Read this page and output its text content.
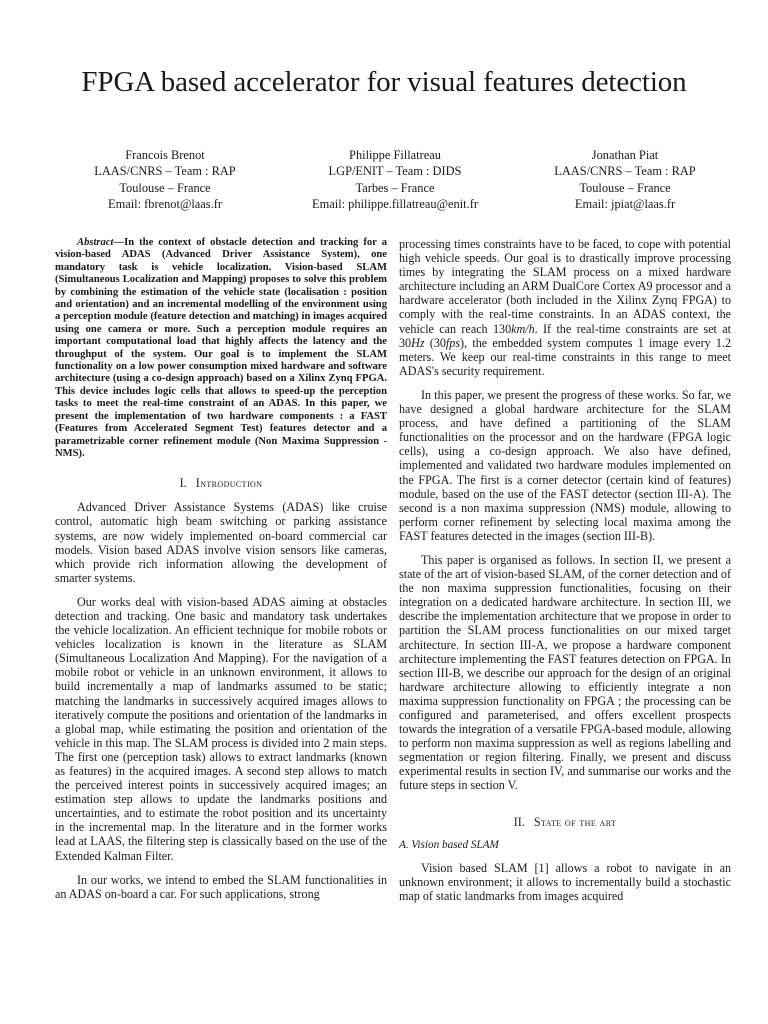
FPGA based accelerator for visual features detection
Francois Brenot
LAAS/CNRS – Team : RAP
Toulouse – France
Email: fbrenot@laas.fr
Philippe Fillatreau
LGP/ENIT – Team : DIDS
Tarbes – France
Email: philippe.fillatreau@enit.fr
Jonathan Piat
LAAS/CNRS – Team : RAP
Toulouse – France
Email: jpiat@laas.fr

Abstract—In the context of obstacle detection and tracking for a vision-based ADAS (Advanced Driver Assistance System), one mandatory task is vehicle localization. Vision-based SLAM (Simultaneous Localization and Mapping) proposes to solve this problem by combining the estimation of the vehicle state (localisation : position and orientation) and an incremental modelling of the environment using a perception module (feature detection and matching) in images acquired using one camera or more. Such a perception module requires an important computational load that highly affects the latency and the throughput of the system. Our goal is to implement the SLAM functionality on a low power consumption mixed hardware and software architecture (using a co-design approach) based on a Xilinx Zynq FPGA. This device includes logic cells that allows to speed-up the perception tasks to meet the real-time constraint of an ADAS. In this paper, we present the implementation of two hardware components : a FAST (Features from Accelerated Segment Test) features detector and a parametrizable corner refinement module (Non Maxima Suppression - NMS).

I. Introduction

Advanced Driver Assistance Systems (ADAS) like cruise control, automatic high beam switching or parking assistance systems, are now widely implemented on-board commercial car models. Vision based ADAS involve vision sensors like cameras, which provide rich information allowing the development of smarter systems.

Our works deal with vision-based ADAS aiming at obstacles detection and tracking. One basic and mandatory task undertakes the vehicle localization. An efficient technique for mobile robots or vehicles localization is known in the literature as SLAM (Simultaneous Localization And Mapping). For the navigation of a mobile robot or vehicle in an unknown environment, it allows to build incrementally a map of landmarks assumed to be static; matching the landmarks in successively acquired images allows to iteratively compute the positions and orientation of the landmarks in a global map, while estimating the position and orientation of the vehicle in this map. The SLAM process is divided into 2 main steps. The first one (perception task) allows to extract landmarks (known as features) in the acquired images. A second step allows to match the perceived interest points in successively acquired images; an estimation step allows to update the landmarks positions and uncertainties, and to estimate the robot position and its uncertainty in the incremental map. In the literature and in the former works lead at LAAS, the filtering step is classically based on the use of the Extended Kalman Filter.

In our works, we intend to embed the SLAM functionalities in an ADAS on-board a car. For such applications, strong

processing times constraints have to be faced, to cope with potential high vehicle speeds. Our goal is to drastically improve processing times by integrating the SLAM process on a mixed hardware architecture including an ARM DualCore Cortex A9 processor and a hardware accelerator (both included in the Xilinx Zynq FPGA) to comply with the real-time constraints. In an ADAS context, the vehicle can reach 130km/h. If the real-time constraints are set at 30Hz (30fps), the embedded system computes 1 image every 1.2 meters. We keep our real-time constraints in this range to meet ADAS's security requirement.

In this paper, we present the progress of these works. So far, we have designed a global hardware architecture for the SLAM process, and have defined a partitioning of the SLAM functionalities on the processor and on the hardware (FPGA logic cells), using a co-design approach. We also have defined, implemented and validated two hardware modules implemented on the FPGA. The first is a corner detector (certain kind of features) module, based on the use of the FAST detector (section III-A). The second is a non maxima suppression (NMS) module, allowing to perform corner refinement by selecting local maxima among the FAST features detected in the images (section III-B).

This paper is organised as follows. In section II, we present a state of the art of vision-based SLAM, of the corner detection and of the non maxima suppression functionalities, focusing on their integration on a dedicated hardware architecture. In section III, we describe the implementation architecture that we propose in order to partition the SLAM process functionalities on our mixed target architecture. In section III-A, we propose a hardware component architecture implementing the FAST features detection on FPGA. In section III-B, we describe our approach for the design of an original hardware architecture allowing to efficiently integrate a non maxima suppression functionality on FPGA ; the processing can be configured and parameterised, and offers excellent prospects towards the integration of a versatile FPGA-based module, allowing to perform non maxima suppression as well as regions labelling and segmentation or region filtering. Finally, we present and discuss experimental results in section IV, and summarise our works and the future steps in section V.

II. State of the art
A. Vision based SLAM

Vision based SLAM [1] allows a robot to navigate in an unknown environment; it allows to incrementally build a stochastic map of static landmarks from images acquired
